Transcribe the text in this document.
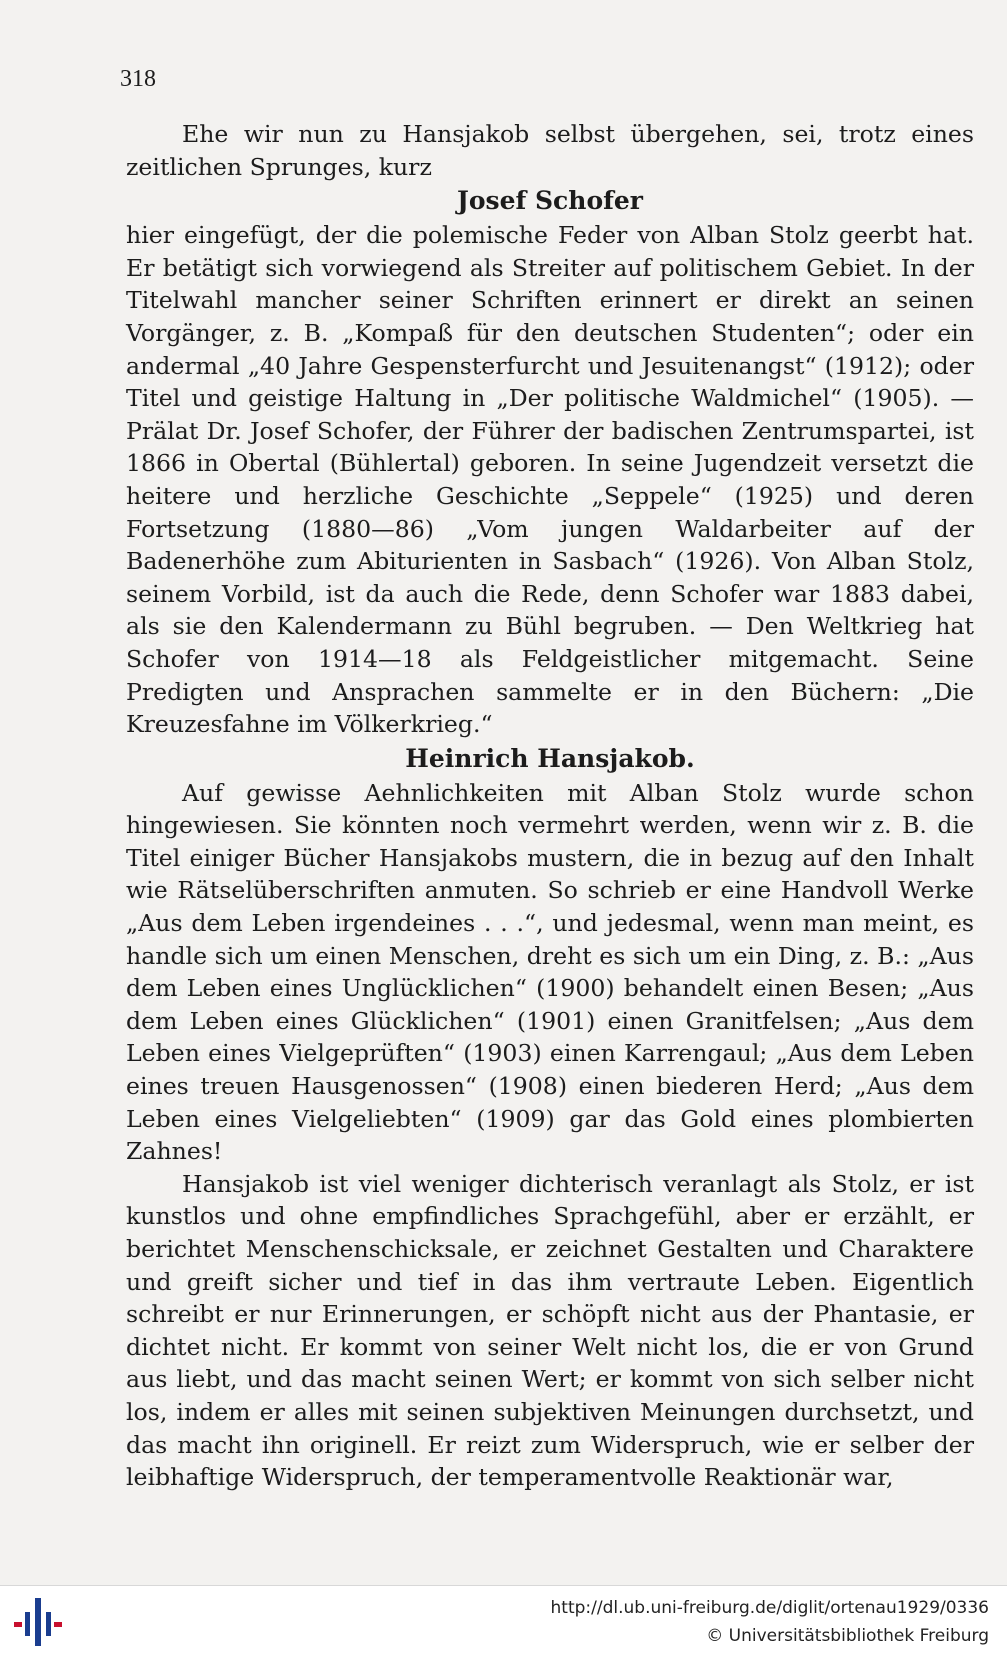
318

Ehe wir nun zu Hansjakob selbst übergehen, sei, trotz eines zeitlichen Sprunges, kurz

Josef Schofer

hier eingefügt, der die polemische Feder von Alban Stolz geerbt hat. Er betätigt sich vorwiegend als Streiter auf politischem Gebiet. In der Titelwahl mancher seiner Schriften erinnert er direkt an seinen Vorgänger, z. B. „Kompaß für den deutschen Studenten“; oder ein andermal „40 Jahre Gespensterfurcht und Jesuitenangst“ (1912); oder Titel und geistige Haltung in „Der politische Waldmichel“ (1905). — Prälat Dr. Josef Schofer, der Führer der badischen Zentrumspartei, ist 1866 in Obertal (Bühlertal) geboren. In seine Jugendzeit versetzt die heitere und herzliche Geschichte „Seppele“ (1925) und deren Fortsetzung (1880—86) „Vom jungen Waldarbeiter auf der Badenerhöhe zum Abiturienten in Sasbach“ (1926). Von Alban Stolz, seinem Vorbild, ist da auch die Rede, denn Schofer war 1883 dabei, als sie den Kalendermann zu Bühl begruben. — Den Weltkrieg hat Schofer von 1914—18 als Feldgeistlicher mitgemacht. Seine Predigten und Ansprachen sammelte er in den Büchern: „Die Kreuzesfahne im Völkerkrieg.“

Heinrich Hansjakob.

Auf gewisse Aehnlichkeiten mit Alban Stolz wurde schon hingewiesen. Sie könnten noch vermehrt werden, wenn wir z. B. die Titel einiger Bücher Hansjakobs mustern, die in bezug auf den Inhalt wie Rätselüberschriften anmuten. So schrieb er eine Handvoll Werke „Aus dem Leben irgendeines . . .“, und jedesmal, wenn man meint, es handle sich um einen Menschen, dreht es sich um ein Ding, z. B.: „Aus dem Leben eines Unglücklichen“ (1900) behandelt einen Besen; „Aus dem Leben eines Glücklichen“ (1901) einen Granitfelsen; „Aus dem Leben eines Vielgeprüften“ (1903) einen Karrengaul; „Aus dem Leben eines treuen Hausgenossen“ (1908) einen biederen Herd; „Aus dem Leben eines Vielgeliebten“ (1909) gar das Gold eines plombierten Zahnes!

Hansjakob ist viel weniger dichterisch veranlagt als Stolz, er ist kunstlos und ohne empfindliches Sprachgefühl, aber er erzählt, er berichtet Menschenschicksale, er zeichnet Gestalten und Charaktere und greift sicher und tief in das ihm vertraute Leben. Eigentlich schreibt er nur Erinnerungen, er schöpft nicht aus der Phantasie, er dichtet nicht. Er kommt von seiner Welt nicht los, die er von Grund aus liebt, und das macht seinen Wert; er kommt von sich selber nicht los, indem er alles mit seinen subjektiven Meinungen durchsetzt, und das macht ihn originell. Er reizt zum Widerspruch, wie er selber der leibhaftige Widerspruch, der temperamentvolle Reaktionär war,

http://dl.ub.uni-freiburg.de/diglit/ortenau1929/0336
© Universitätsbibliothek Freiburg
